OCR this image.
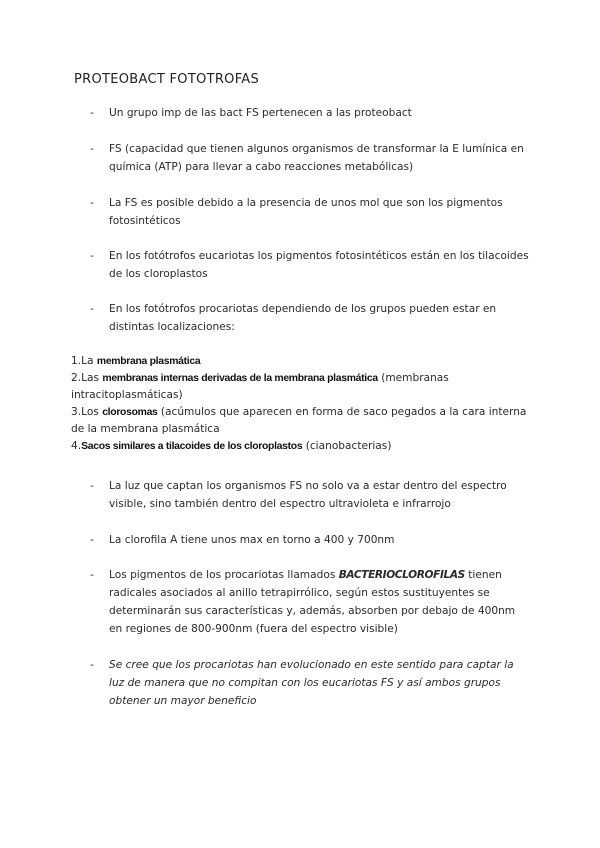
PROTEOBACT FOTOTROFAS
- Un grupo imp de las bact FS pertenecen a las proteobact
- FS (capacidad que tienen algunos organismos de transformar la E lumínica en química (ATP) para llevar a cabo reacciones metabólicas)
- La FS es posible debido a la presencia de unos mol que son los pigmentos fotosintéticos
- En los fotótrofos eucariotas los pigmentos fotosintéticos están en los tilacoides de los cloroplastos
- En los fotótrofos procariotas dependiendo de los grupos pueden estar en distintas localizaciones:

1.La membrana plasmática

2.Las membranas internas derivadas de la membrana plasmática (membranas intracitoplasmáticas)

3.Los clorosomas (acúmulos que aparecen en forma de saco pegados a la cara interna de la membrana plasmática

4.Sacos similares a tilacoides de los cloroplastos (cianobacterias)

- La luz que captan los organismos FS no solo va a estar dentro del espectro visible, sino también dentro del espectro ultravioleta e infrarrojo
- La clorofila A tiene unos max en torno a 400 y 700nm
- Los pigmentos de los procariotas llamados BACTERIOCLOROFILAS tienen radicales asociados al anillo tetrapirrólico, según estos sustituyentes se determinarán sus características y, además, absorben por debajo de 400nm en regiones de 800-900nm (fuera del espectro visible)
- Se cree que los procariotas han evolucionado en este sentido para captar la luz de manera que no compitan con los eucariotas FS y así ambos grupos obtener un mayor beneficio
